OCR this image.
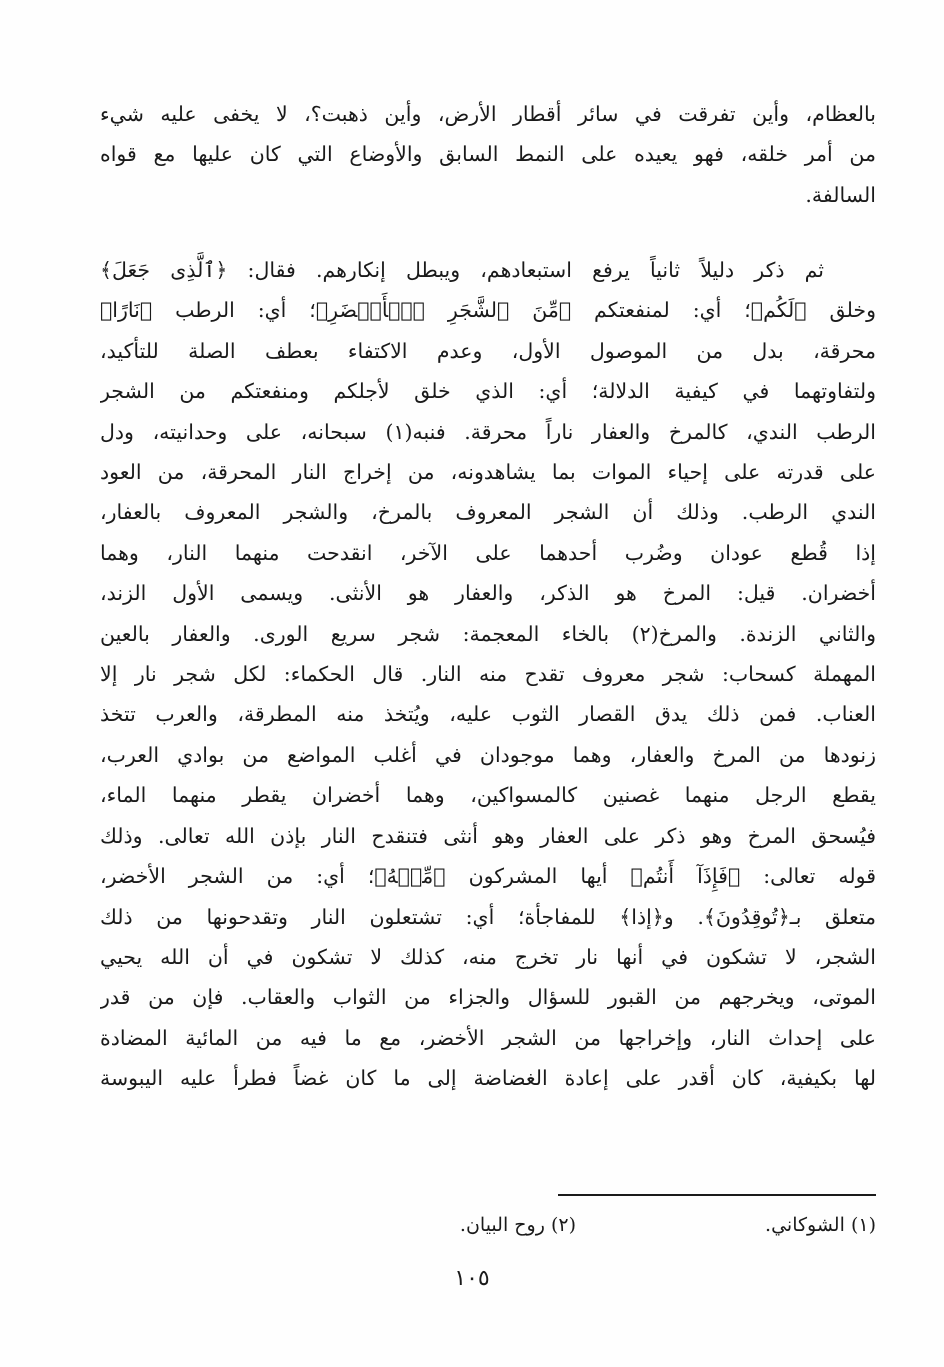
بالعظام، وأين تفرقت في سائر أقطار الأرض، وأين ذهبت؟، لا يخفى عليه شيء
من أمر خلقه، فهو يعيده على النمط السابق والأوضاع التي كان عليها مع قواه
السالفة.
ثم ذكر دليلاً ثانياً يرفع استبعادهم، ويبطل إنكارهم. فقال: ﴿ٱلَّذِى جَعَلَ﴾
وخلق ﴿لَكُم﴾؛ أي: لمنفعتكم ﴿مِّنَ ٱلشَّجَرِ ٱلۡأَخۡضَرِ﴾؛ أي: الرطب ﴿نَارًا﴾
محرقة، بدل من الموصول الأول، وعدم الاكتفاء بعطف الصلة للتأكيد،
ولتفاوتهما في كيفية الدلالة؛ أي: الذي خلق لأجلكم ومنفعتكم من الشجر
الرطب الندي، كالمرخ والعفار ناراً محرقة. فنبه(١) سبحانه، على وحدانيته، ودل
على قدرته على إحياء الموات بما يشاهدونه، من إخراج النار المحرقة، من العود
الندي الرطب. وذلك أن الشجر المعروف بالمرخ، والشجر المعروف بالعفار،
إذا قُطع عودان وضُرب أحدهما على الآخر، انقدحت منهما النار، وهما
أخضران. قيل: المرخ هو الذكر، والعفار هو الأنثى. ويسمى الأول الزند،
والثاني الزندة. والمرخ(٢) بالخاء المعجمة: شجر سريع الورى. والعفار بالعين
المهملة كسحاب: شجر معروف تقدح منه النار. قال الحكماء: لكل شجر نار إلا
العناب. فمن ذلك يدق القصار الثوب عليه، ويُتخذ منه المطرقة، والعرب تتخذ
زنودها من المرخ والعفار، وهما موجودان في أغلب المواضع من بوادي العرب،
يقطع الرجل منهما غصنين كالمسواكين، وهما أخضران يقطر منهما الماء،
فيُسحق المرخ وهو ذكر على العفار وهو أنثى فتنقدح النار بإذن الله تعالى. وذلك
قوله تعالى: ﴿فَإِذَآ أَنتُم﴾ أيها المشركون ﴿مِّنۡهُ﴾؛ أي: من الشجر الأخضر،
متعلق بـ﴿تُوقِدُونَ﴾. و﴿إذا﴾ للمفاجأة؛ أي: تشتعلون النار وتقدحونها من ذلك
الشجر، لا تشكون في أنها نار تخرج منه، كذلك لا تشكون في أن الله يحيي
الموتى، ويخرجهم من القبور للسؤال والجزاء من الثواب والعقاب. فإن من قدر
على إحداث النار، وإخراجها من الشجر الأخضر، مع ما فيه من المائية المضادة
لها بكيفية، كان أقدر على إعادة الغضاضة إلى ما كان غضاً فطرأ عليه اليبوسة
(١) الشوكاني.
(٢) روح البيان.
١٠٥
